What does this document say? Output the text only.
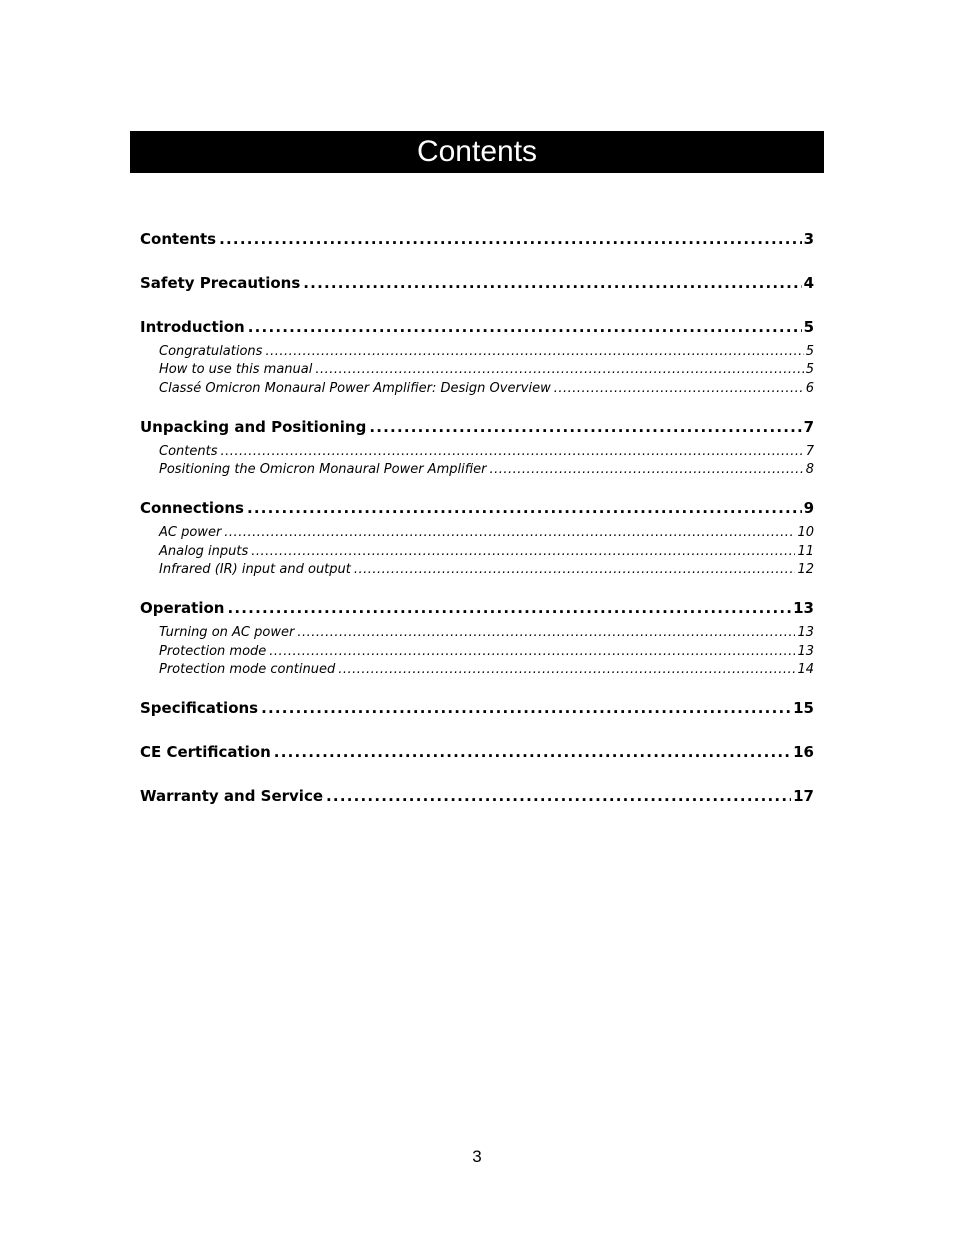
Contents
Contents .....	3
Safety Precautions .....	4
Introduction .....	5
Congratulations .....	5
How to use this manual .....	5
Classé Omicron Monaural Power Amplifier: Design Overview .....	6
Unpacking and Positioning .....	7
Contents .....	7
Positioning the Omicron Monaural Power Amplifier .....	8
Connections .....	9
AC power .....	10
Analog inputs .....	11
Infrared (IR) input and output .....	12
Operation .....	13
Turning on AC power .....	13
Protection mode .....	13
Protection mode continued .....	14
Specifications .....	15
CE Certification .....	16
Warranty and Service .....	17
3
